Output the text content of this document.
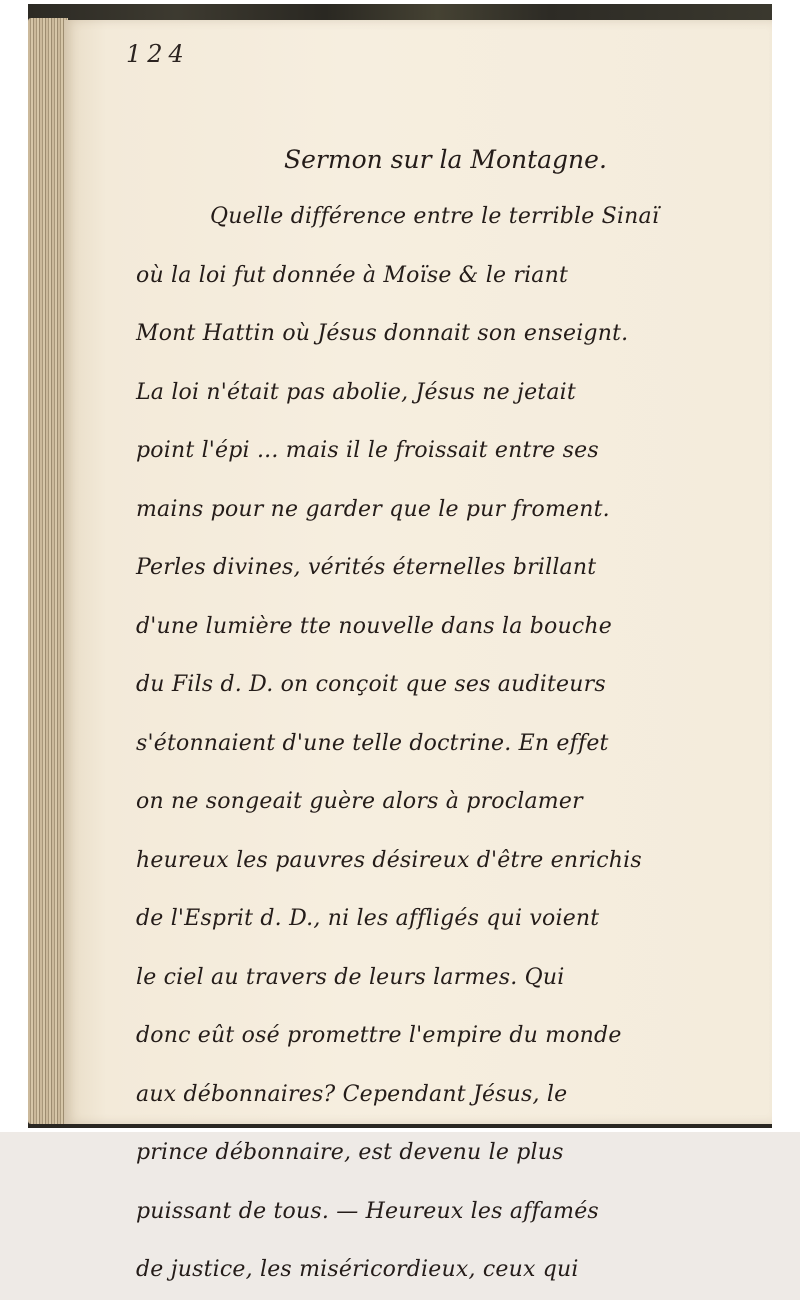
124

Sermon sur la Montagne.
Quelle différence entre le terrible Sinaï
où la loi fut donnée à Moïse & le riant
Mont Hattin où Jésus donnait son enseignt.
La loi n'était pas abolie, Jésus ne jetait
point l'épi ... mais il le froissait entre ses
mains pour ne garder que le pur froment.
Perles divines, vérités éternelles brillant
d'une lumière tte nouvelle dans la bouche
du Fils d. D. on conçoit que ses auditeurs
s'étonnaient d'une telle doctrine. En effet
on ne songeait guère alors à proclamer
heureux les pauvres désireux d'être enrichis
de l'Esprit d. D., ni les affligés qui voient
le ciel au travers de leurs larmes. Qui
donc eût osé promettre l'empire du monde
aux débonnaires? Cependant Jésus, le
prince débonnaire, est devenu le plus
puissant de tous. — Heureux les affamés
de justice, les miséricordieux, ceux qui
